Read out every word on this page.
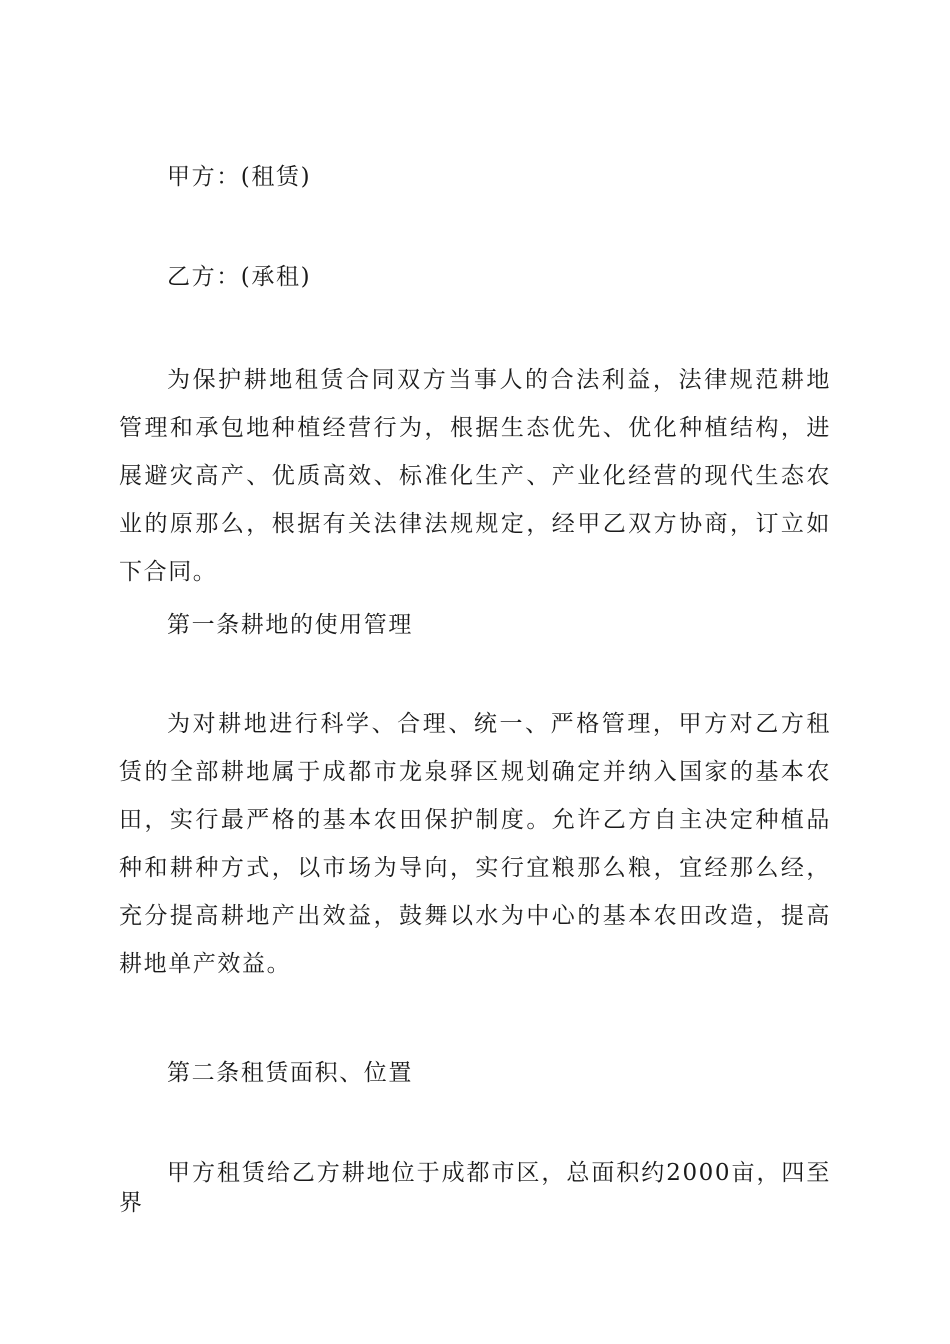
甲方：(租赁)

乙方：(承租)

为保护耕地租赁合同双方当事人的合法利益，法律规范耕地管理和承包地种植经营行为，根据生态优先、优化种植结构，进展避灾高产、优质高效、标准化生产、产业化经营的现代生态农业的原那么，根据有关法律法规规定，经甲乙双方协商，订立如下合同。

第一条耕地的使用管理

为对耕地进行科学、合理、统一、严格管理，甲方对乙方租赁的全部耕地属于成都市龙泉驿区规划确定并纳入国家的基本农田，实行最严格的基本农田保护制度。允许乙方自主决定种植品种和耕种方式，以市场为导向，实行宜粮那么粮，宜经那么经，充分提高耕地产出效益，鼓舞以水为中心的基本农田改造，提高耕地单产效益。

第二条租赁面积、位置

甲方租赁给乙方耕地位于成都市区，总面积约2000亩，四至界
